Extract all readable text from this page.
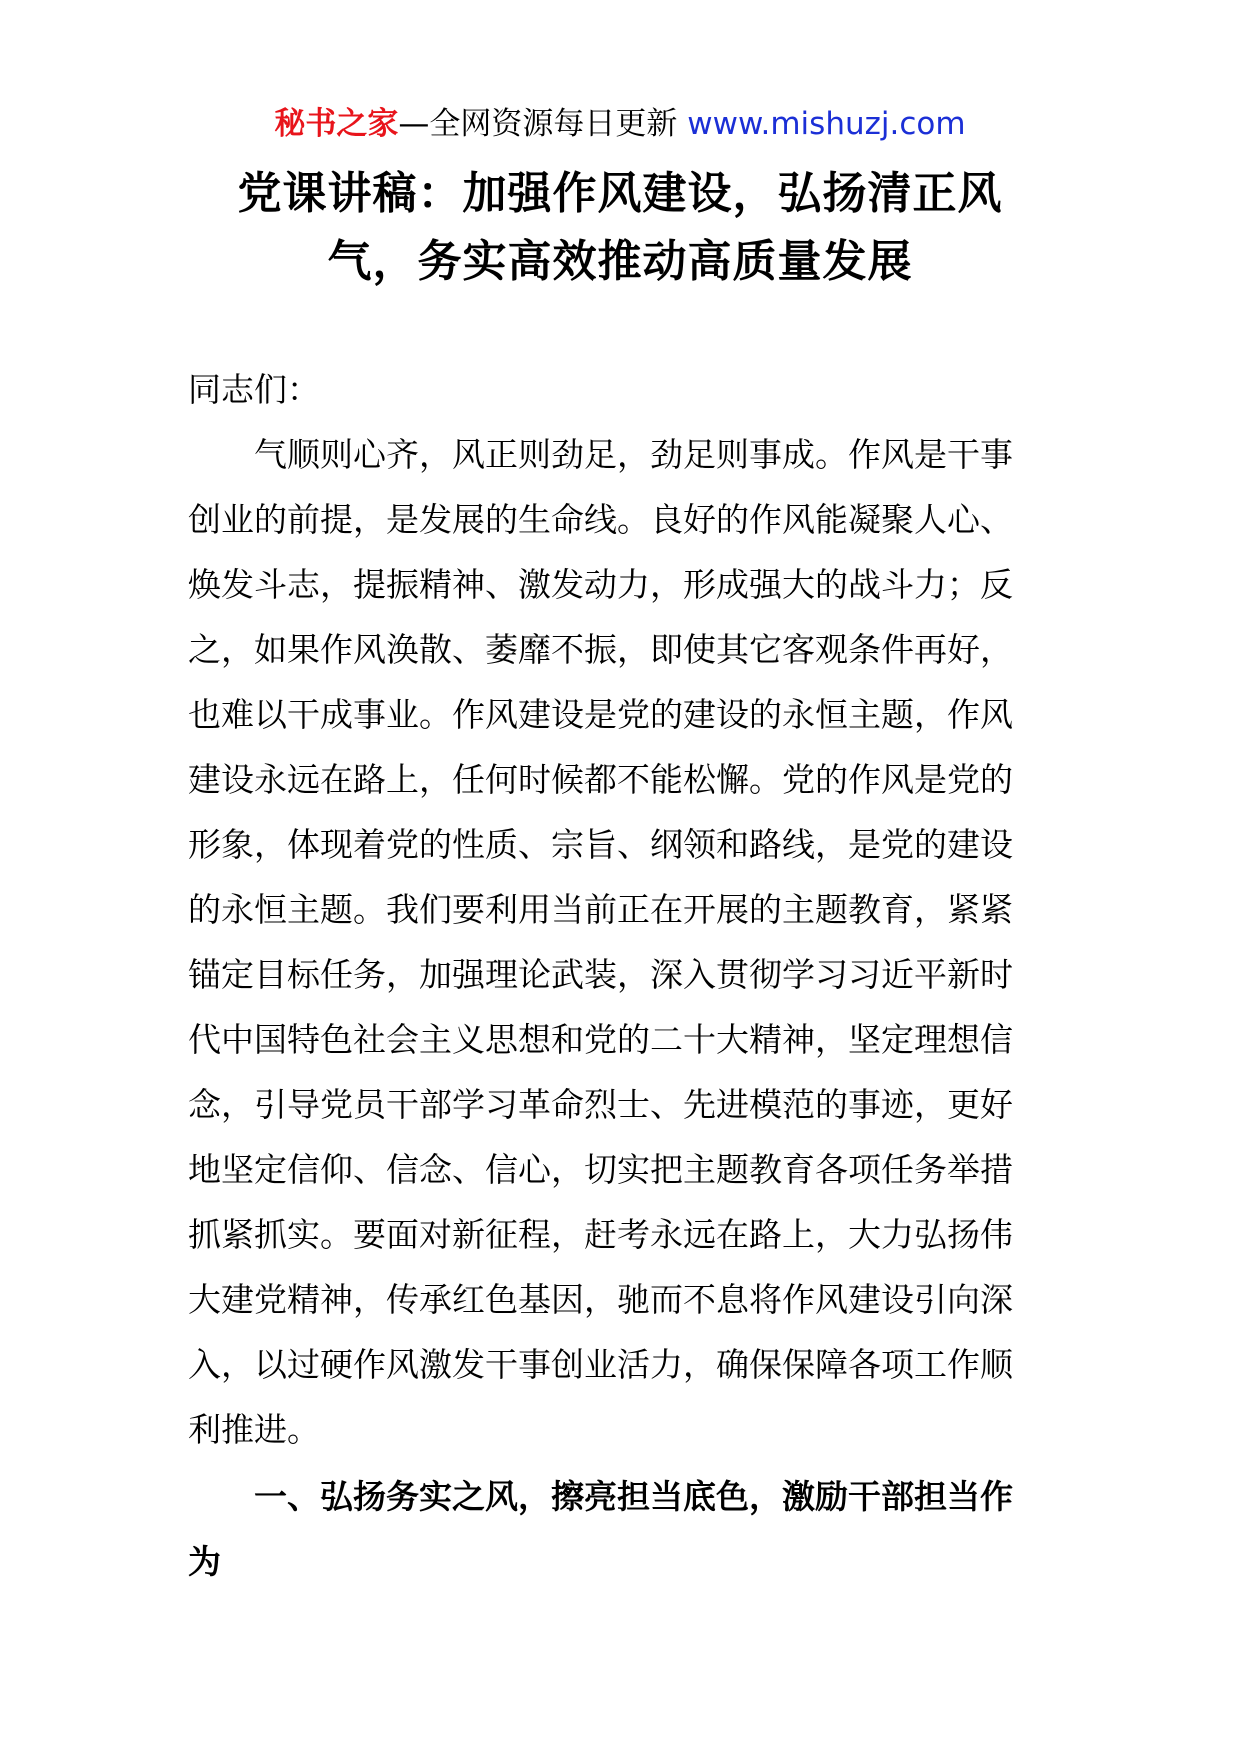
秘书之家—全网资源每日更新 www.mishuzj.com
党课讲稿：加强作风建设，弘扬清正风
气，务实高效推动高质量发展
同志们：
气顺则心齐，风正则劲足，劲足则事成。作风是干事
创业的前提，是发展的生命线。良好的作风能凝聚人心、
焕发斗志，提振精神、激发动力，形成强大的战斗力；反
之，如果作风涣散、萎靡不振，即使其它客观条件再好，
也难以干成事业。作风建设是党的建设的永恒主题，作风
建设永远在路上，任何时候都不能松懈。党的作风是党的
形象，体现着党的性质、宗旨、纲领和路线，是党的建设
的永恒主题。我们要利用当前正在开展的主题教育，紧紧
锚定目标任务，加强理论武装，深入贯彻学习习近平新时
代中国特色社会主义思想和党的二十大精神，坚定理想信
念，引导党员干部学习革命烈士、先进模范的事迹，更好
地坚定信仰、信念、信心，切实把主题教育各项任务举措
抓紧抓实。要面对新征程，赶考永远在路上，大力弘扬伟
大建党精神，传承红色基因，驰而不息将作风建设引向深
入，以过硬作风激发干事创业活力，确保保障各项工作顺
利推进。
一、弘扬务实之风，擦亮担当底色，激励干部担当作
为
